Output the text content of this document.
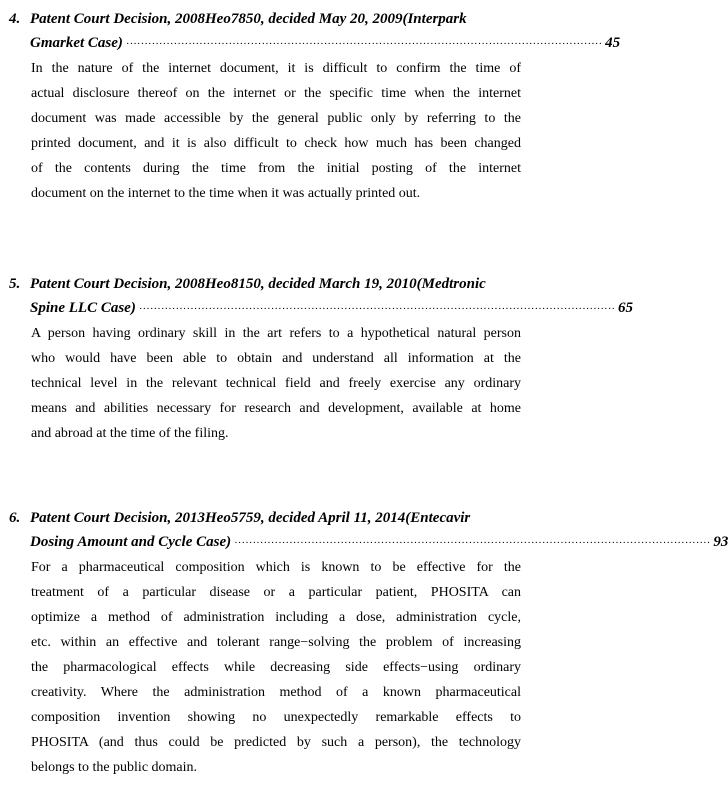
4. Patent Court Decision, 2008Heo7850, decided May 20, 2009(Interpark
Gmarket Case) ·································································································································· 45
In the nature of the internet document, it is difficult to confirm the time of
actual disclosure thereof on the internet or the specific time when the internet
document was made accessible by the general public only by referring to the
printed document, and it is also difficult to check how much has been changed
of the contents during the time from the initial posting of the internet
document on the internet to the time when it was actually printed out.
5. Patent Court Decision, 2008Heo8150, decided March 19, 2010(Medtronic
Spine LLC Case) ·································································································································· 65
A person having ordinary skill in the art refers to a hypothetical natural person
who would have been able to obtain and understand all information at the
technical level in the relevant technical field and freely exercise any ordinary
means and abilities necessary for research and development, available at home
and abroad at the time of the filing.
6. Patent Court Decision, 2013Heo5759, decided April 11, 2014(Entecavir
Dosing Amount and Cycle Case) ·································································································································· 93
For a pharmaceutical composition which is known to be effective for the
treatment of a particular disease or a particular patient, PHOSITA can
optimize a method of administration including a dose, administration cycle,
etc. within an effective and tolerant range−solving the problem of increasing
the pharmacological effects while decreasing side effects−using ordinary
creativity. Where the administration method of a known pharmaceutical
composition invention showing no unexpectedly remarkable effects to
PHOSITA (and thus could be predicted by such a person), the technology
belongs to the public domain.
